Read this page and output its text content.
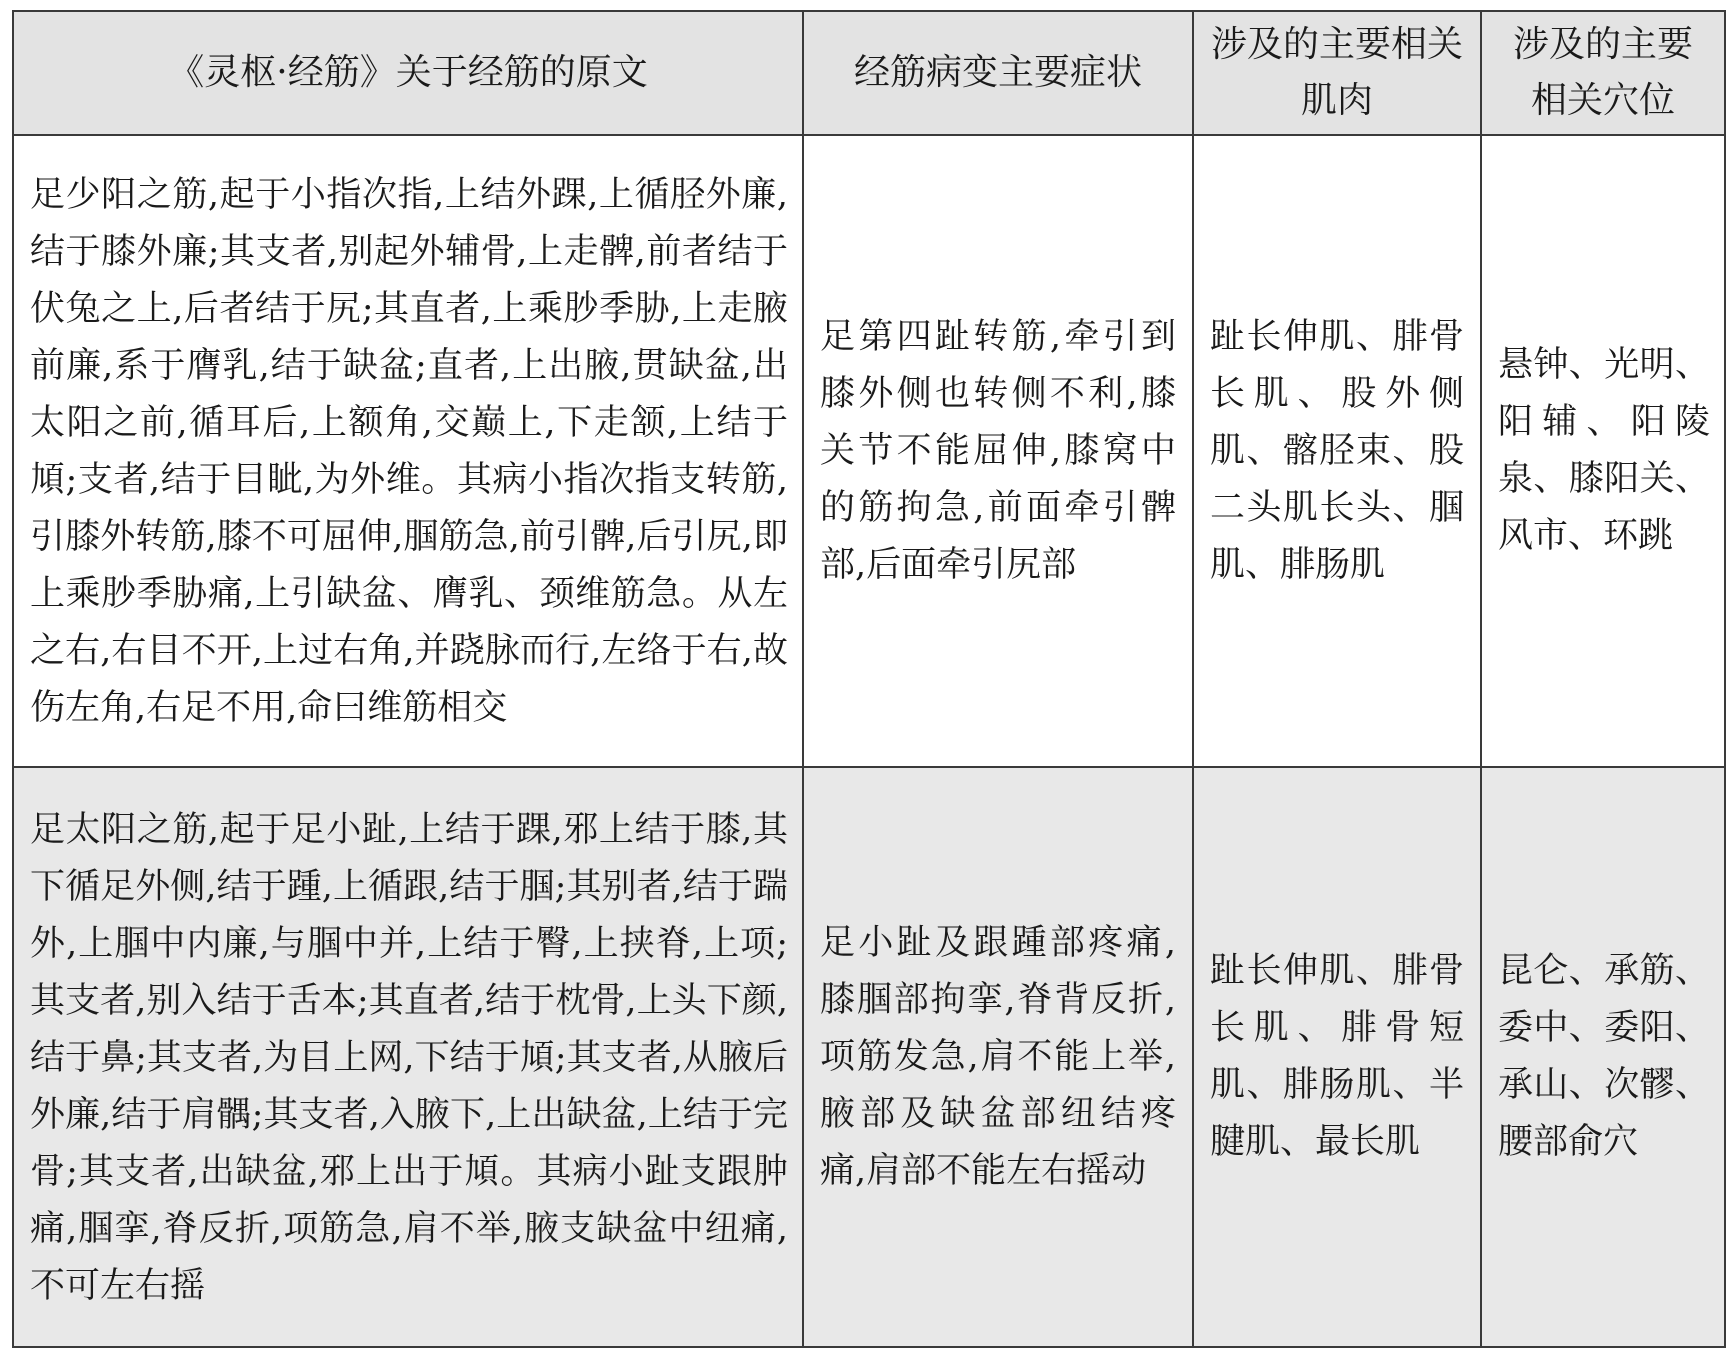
《灵枢·经筋》关于经筋的原文	经筋病变主要症状	涉及的主要相关肌肉	涉及的主要相关穴位
足少阳之筋,起于小指次指,上结外踝,上循胫外廉,结于膝外廉;其支者,别起外辅骨,上走髀,前者结于伏兔之上,后者结于尻;其直者,上乘䏚季胁,上走腋前廉,系于膺乳,结于缺盆;直者,上出腋,贯缺盆,出太阳之前,循耳后,上额角,交巅上,下走颔,上结于頄;支者,结于目眦,为外维。其病小指次指支转筋,引膝外转筋,膝不可屈伸,腘筋急,前引髀,后引尻,即上乘䏚季胁痛,上引缺盆、膺乳、颈维筋急。从左之右,右目不开,上过右角,并跷脉而行,左络于右,故伤左角,右足不用,命曰维筋相交	足第四趾转筋,牵引到膝外侧也转侧不利,膝关节不能屈伸,膝窝中的筋拘急,前面牵引髀部,后面牵引尻部	趾长伸肌、腓骨长肌、股外侧肌、髂胫束、股二头肌长头、腘肌、腓肠肌	悬钟、光明、阳辅、阳陵泉、膝阳关、风市、环跳
足太阳之筋,起于足小趾,上结于踝,邪上结于膝,其下循足外侧,结于踵,上循跟,结于腘;其别者,结于踹外,上腘中内廉,与腘中并,上结于臀,上挟脊,上项;其支者,别入结于舌本;其直者,结于枕骨,上头下颜,结于鼻;其支者,为目上网,下结于頄;其支者,从腋后外廉,结于肩髃;其支者,入腋下,上出缺盆,上结于完骨;其支者,出缺盆,邪上出于頄。其病小趾支跟肿痛,腘挛,脊反折,项筋急,肩不举,腋支缺盆中纽痛,不可左右摇	足小趾及跟踵部疼痛,膝腘部拘挛,脊背反折,项筋发急,肩不能上举,腋部及缺盆部纽结疼痛,肩部不能左右摇动	趾长伸肌、腓骨长肌、腓骨短肌、腓肠肌、半腱肌、最长肌	昆仑、承筋、委中、委阳、承山、次髎、腰部俞穴
